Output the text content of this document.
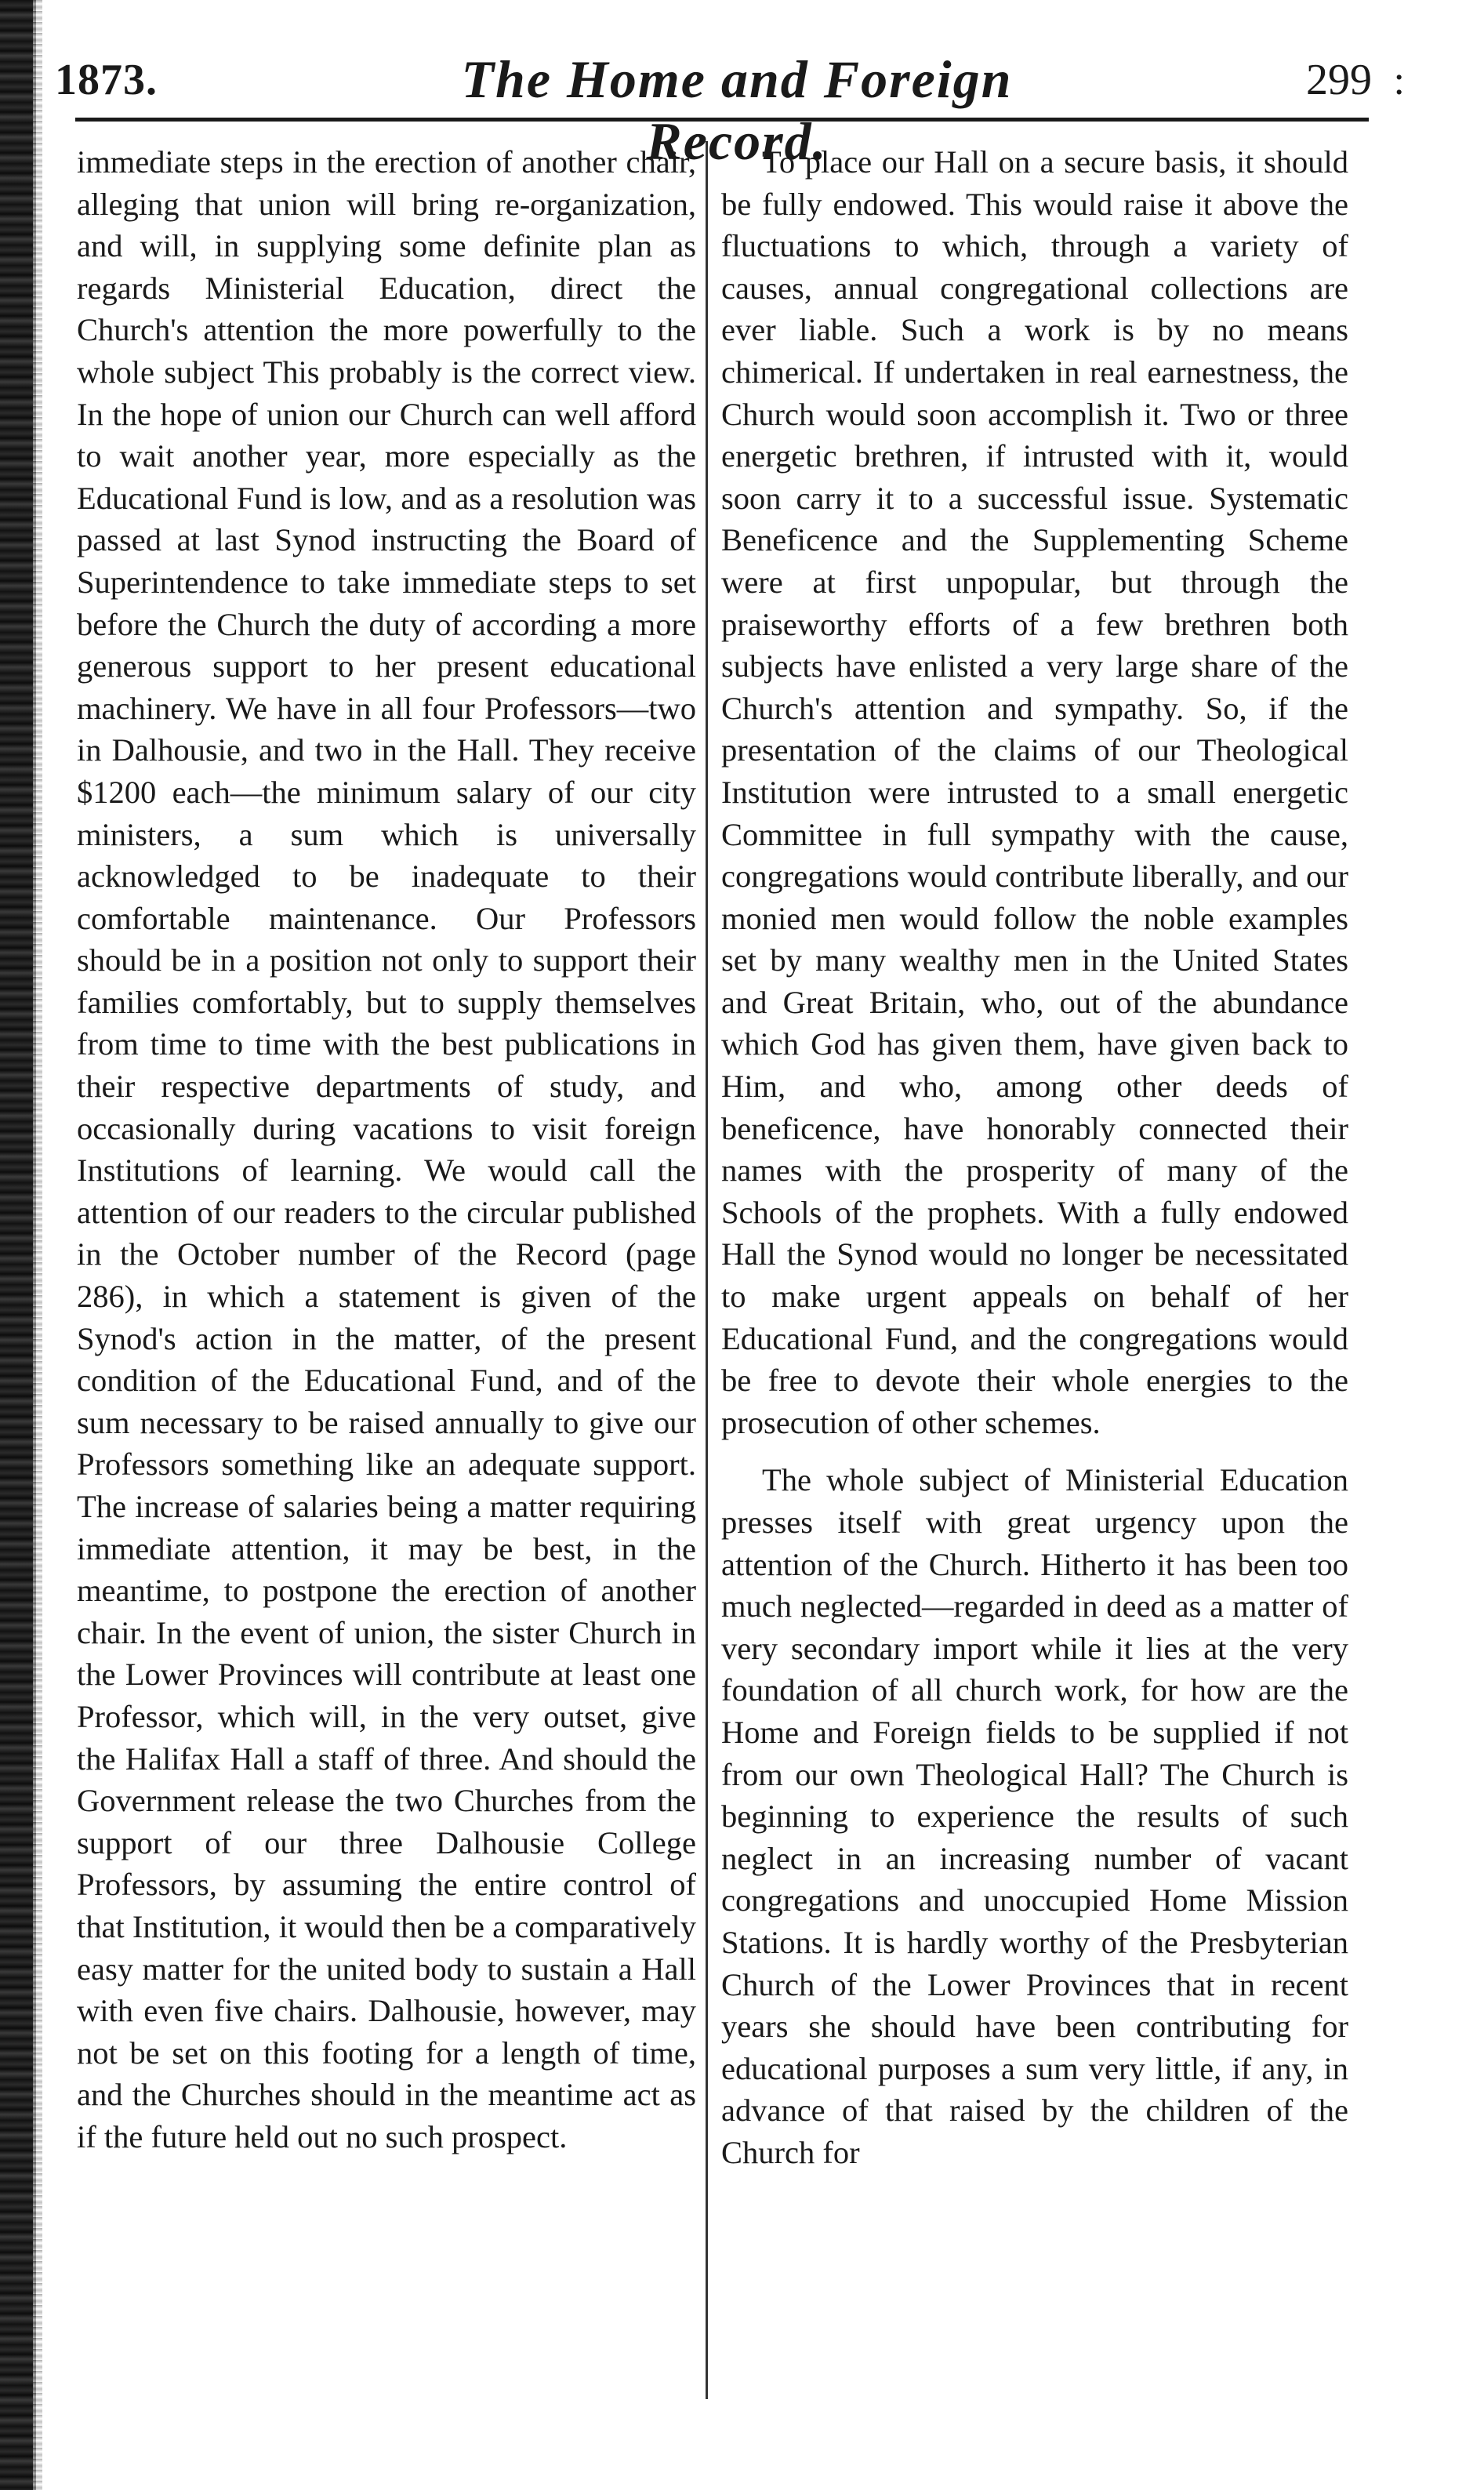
1873.	The Home and Foreign Record.
299 :

immediate steps in the erection of another chair, alleging that union will bring re-organization, and will, in supplying some definite plan as regards Ministerial Education, direct the Church's attention the more powerfully to the whole subject This probably is the correct view. In the hope of union our Church can well afford to wait another year, more especially as the Educational Fund is low, and as a resolution was passed at last Synod instructing the Board of Superintendence to take immediate steps to set before the Church the duty of according a more generous support to her present educational machinery. We have in all four Professors—two in Dalhousie, and two in the Hall. They receive $1200 each—the minimum salary of our city ministers, a sum which is universally acknowledged to be inadequate to their comfortable maintenance. Our Professors should be in a position not only to support their families comfortably, but to supply themselves from time to time with the best publications in their respective departments of study, and occasionally during vacations to visit foreign Institutions of learning. We would call the attention of our readers to the circular published in the October number of the Record (page 286), in which a statement is given of the Synod's action in the matter, of the present condition of the Educational Fund, and of the sum necessary to be raised annually to give our Professors something like an adequate support. The increase of salaries being a matter requiring immediate attention, it may be best, in the meantime, to postpone the erection of another chair. In the event of union, the sister Church in the Lower Provinces will contribute at least one Professor, which will, in the very outset, give the Halifax Hall a staff of three. And should the Government release the two Churches from the support of our three Dalhousie College Professors, by assuming the entire control of that Institution, it would then be a comparatively easy matter for the united body to sustain a Hall with even five chairs. Dalhousie, however, may not be set on this footing for a length of time, and the Churches should in the meantime act as if the future held out no such prospect.

To place our Hall on a secure basis, it should be fully endowed. This would raise it above the fluctuations to which, through a variety of causes, annual congregational collections are ever liable. Such a work is by no means chimerical. If undertaken in real earnestness, the Church would soon accomplish it. Two or three energetic brethren, if intrusted with it, would soon carry it to a successful issue. Systematic Beneficence and the Supplementing Scheme were at first unpopular, but through the praiseworthy efforts of a few brethren both subjects have enlisted a very large share of the Church's attention and sympathy. So, if the presentation of the claims of our Theological Institution were intrusted to a small energetic Committee in full sympathy with the cause, congregations would contribute liberally, and our monied men would follow the noble examples set by many wealthy men in the United States and Great Britain, who, out of the abundance which God has given them, have given back to Him, and who, among other deeds of beneficence, have honorably connected their names with the prosperity of many of the Schools of the prophets. With a fully endowed Hall the Synod would no longer be necessitated to make urgent appeals on behalf of her Educational Fund, and the congregations would be free to devote their whole energies to the prosecution of other schemes.

The whole subject of Ministerial Education presses itself with great urgency upon the attention of the Church. Hitherto it has been too much neglected—regarded in deed as a matter of very secondary import while it lies at the very foundation of all church work, for how are the Home and Foreign fields to be supplied if not from our own Theological Hall? The Church is beginning to experience the results of such neglect in an increasing number of vacant congregations and unoccupied Home Mission Stations. It is hardly worthy of the Presbyterian Church of the Lower Provinces that in recent years she should have been contributing for educational purposes a sum very little, if any, in advance of that raised by the children of the Church for
